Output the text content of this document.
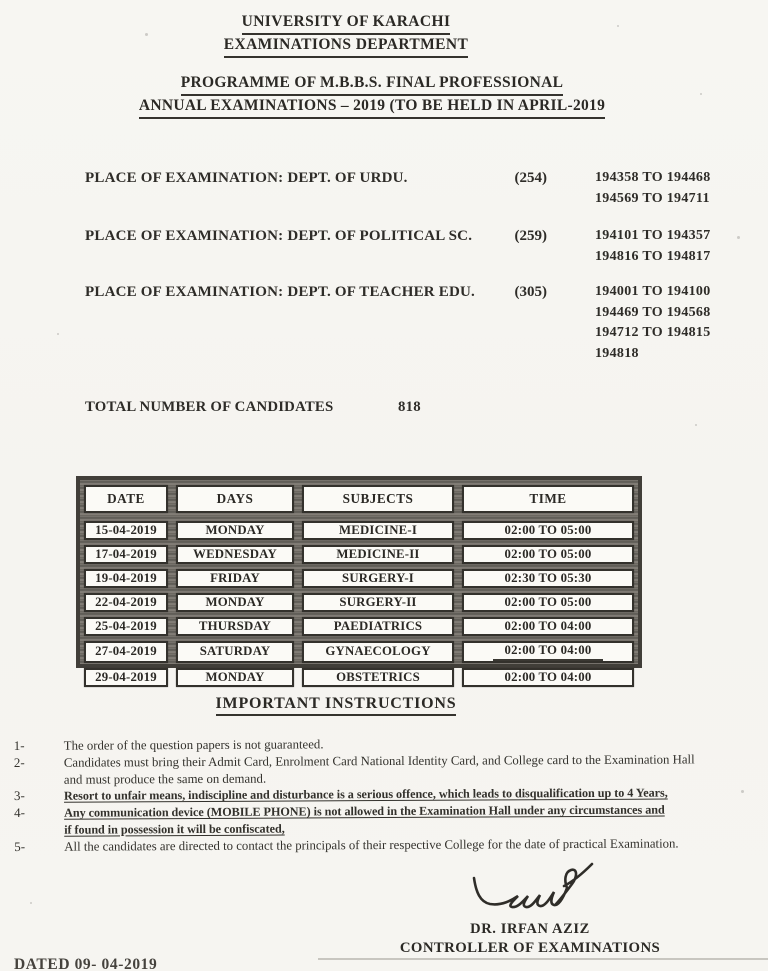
UNIVERSITY OF KARACHI
EXAMINATIONS DEPARTMENT
PROGRAMME OF M.B.B.S. FINAL PROFESSIONAL
ANNUAL EXAMINATIONS – 2019 (TO BE HELD IN APRIL-2019
PLACE OF EXAMINATION: DEPT. OF URDU.	(254)	194358 TO 194468
194569 TO 194711
PLACE OF EXAMINATION: DEPT. OF POLITICAL SC.	(259)	194101 TO 194357
194816 TO 194817
PLACE OF EXAMINATION: DEPT. OF TEACHER EDU.	(305)	194001 TO 194100
194469 TO 194568
194712 TO 194815
194818
TOTAL NUMBER OF CANDIDATES	818
DATE	DAYS	SUBJECTS	TIME
15-04-2019	MONDAY	MEDICINE-I	02:00 TO 05:00
17-04-2019	WEDNESDAY	MEDICINE-II	02:00 TO 05:00
19-04-2019	FRIDAY	SURGERY-I	02:30 TO 05:30
22-04-2019	MONDAY	SURGERY-II	02:00 TO 05:00
25-04-2019	THURSDAY	PAEDIATRICS	02:00 TO 04:00
27-04-2019	SATURDAY	GYNAECOLOGY	02:00 TO 04:00
29-04-2019	MONDAY	OBSTETRICS	02:00 TO 04:00
IMPORTANT INSTRUCTIONS
1-	The order of the question papers is not guaranteed.
2-	Candidates must bring their Admit Card, Enrolment Card National Identity Card, and College card to the Examination Hall
and must produce the same on demand.
3-	Resort to unfair means, indiscipline and disturbance is a serious offence, which leads to disqualification up to 4 Years,
4-	Any communication device (MOBILE PHONE) is not allowed in the Examination Hall under any circumstances and
if found in possession it will be confiscated,
5-	All the candidates are directed to contact the principals of their respective College for the date of practical Examination.
DR. IRFAN AZIZ
CONTROLLER OF EXAMINATIONS
DATED 09- 04-2019
